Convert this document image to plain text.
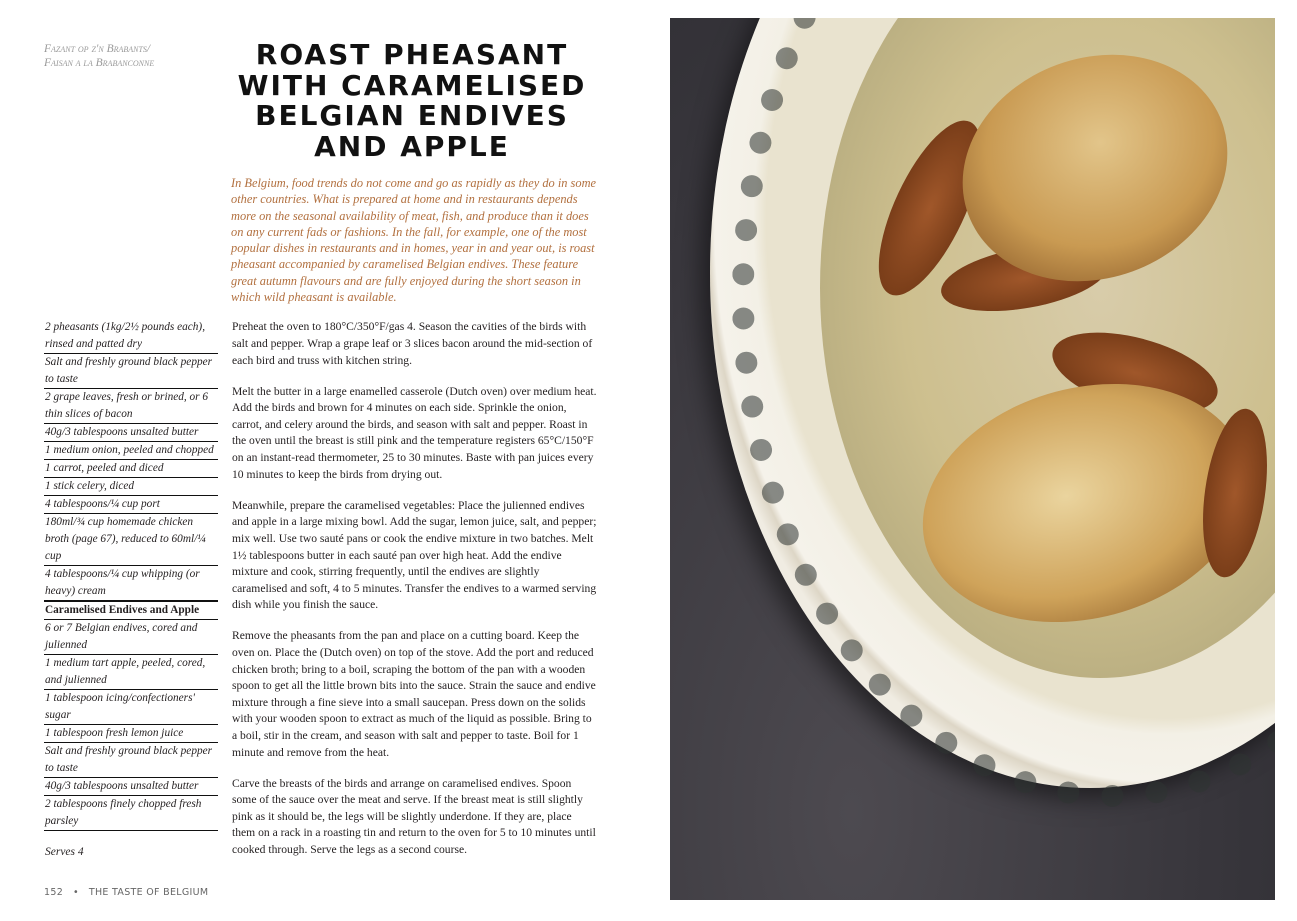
Fazant op z'n Brabants/
Faisan a la Brabanconne	ROAST PHEASANT
WITH CARAMELISED
BELGIAN ENDIVES
AND APPLE
In Belgium, food trends do not come and go as rapidly as they do in some other countries. What is prepared at home and in restaurants depends more on the seasonal availability of meat, fish, and produce than it does on any current fads or fashions. In the fall, for example, one of the most popular dishes in restaurants and in homes, year in and year out, is roast pheasant accompanied by caramelised Belgian endives. These feature great autumn flavours and are fully enjoyed during the short season in which wild pheasant is available.

Preheat the oven to 180°C/350°F/gas 4. Season the cavities of the birds with salt and pepper. Wrap a grape leaf or 3 slices bacon around the mid-section of each bird and truss with kitchen string.

Melt the butter in a large enamelled casserole (Dutch oven) over medium heat. Add the birds and brown for 4 minutes on each side. Sprinkle the onion, carrot, and celery around the birds, and season with salt and pepper. Roast in the oven until the breast is still pink and the temperature registers 65°C/150°F on an instant-read thermometer, 25 to 30 minutes. Baste with pan juices every 10 minutes to keep the birds from drying out.

Meanwhile, prepare the caramelised vegetables: Place the julienned endives and apple in a large mixing bowl. Add the sugar, lemon juice, salt, and pepper; mix well. Use two sauté pans or cook the endive mixture in two batches. Melt 1½ tablespoons butter in each sauté pan over high heat. Add the endive mixture and cook, stirring frequently, until the endives are slightly caramelised and soft, 4 to 5 minutes. Transfer the endives to a warmed serving dish while you finish the sauce.

Remove the pheasants from the pan and place on a cutting board. Keep the oven on. Place the (Dutch oven) on top of the stove. Add the port and reduced chicken broth; bring to a boil, scraping the bottom of the pan with a wooden spoon to get all the little brown bits into the sauce. Strain the sauce and endive mixture through a fine sieve into a small saucepan. Press down on the solids with your wooden spoon to extract as much of the liquid as possible. Bring to a boil, stir in the cream, and season with salt and pepper to taste. Boil for 1 minute and remove from the heat.

Carve the breasts of the birds and arrange on caramelised endives. Spoon some of the sauce over the meat and serve. If the breast meat is still slightly pink as it should be, the legs will be slightly underdone. If they are, place them on a rack in a roasting tin and return to the oven for 5 to 10 minutes until cooked through. Serve the legs as a second course.

2 pheasants (1kg/2½ pounds each), rinsed and patted dry
Salt and freshly ground black pepper to taste
2 grape leaves, fresh or brined, or 6 thin slices of bacon
40g/3 tablespoons unsalted butter
1 medium onion, peeled and chopped
1 carrot, peeled and diced
1 stick celery, diced
4 tablespoons/¼ cup port
180ml/¾ cup homemade chicken broth (page 67), reduced to 60ml/¼ cup
4 tablespoons/¼ cup whipping (or heavy) cream
Caramelised Endives and Apple
6 or 7 Belgian endives, cored and julienned
1 medium tart apple, peeled, cored, and julienned
1 tablespoon icing/confectioners' sugar
1 tablespoon fresh lemon juice
Salt and freshly ground black pepper to taste
40g/3 tablespoons unsalted butter
2 tablespoons finely chopped fresh parsley
Serves 4
152 • THE TASTE OF BELGIUM
